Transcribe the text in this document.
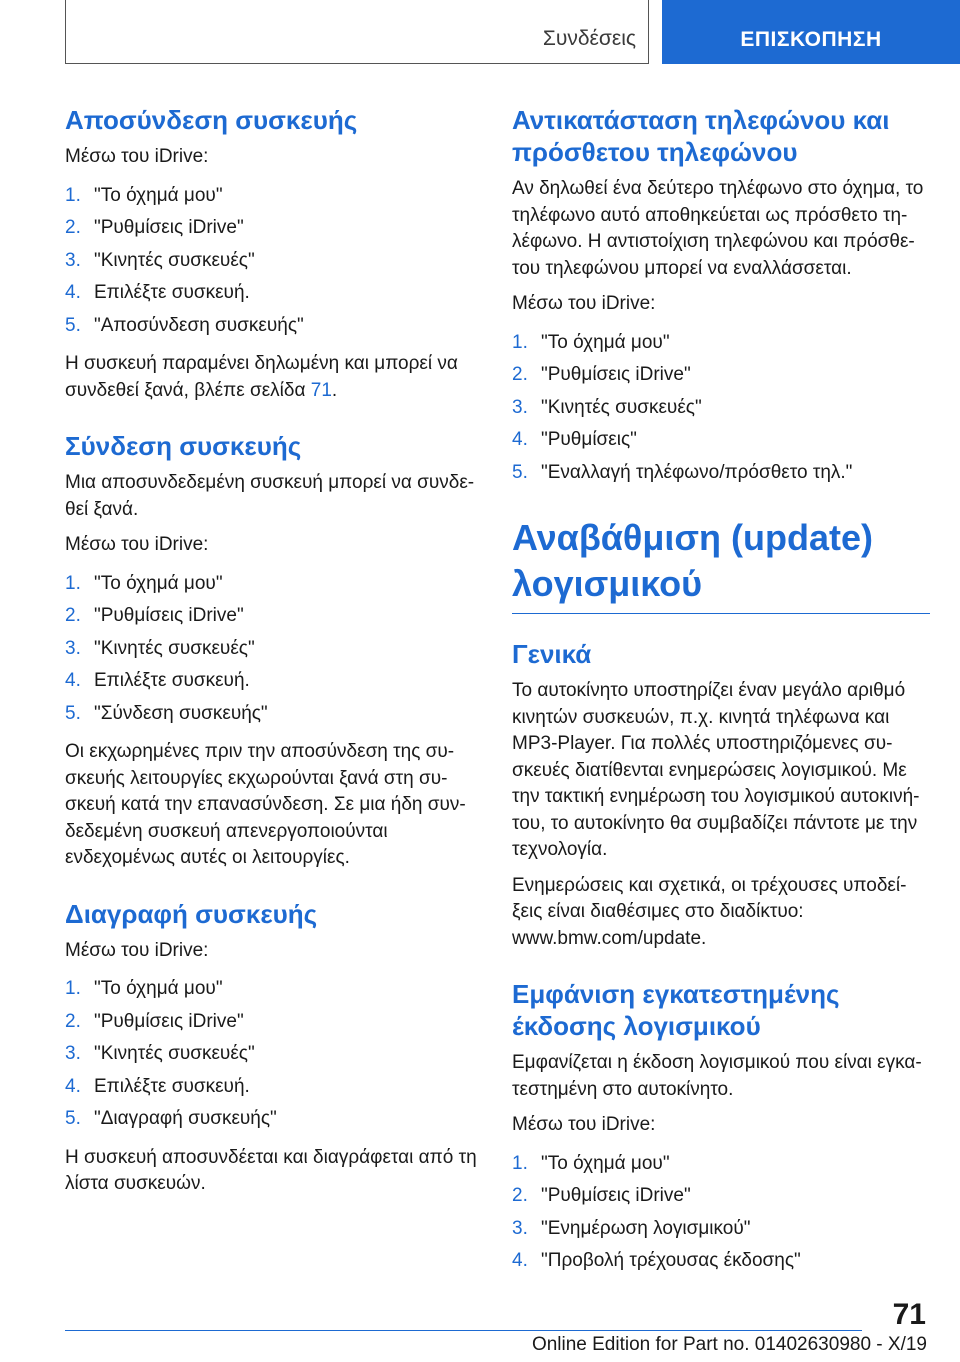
Συνδέσεις	ΕΠΙΣΚΟΠΗΣΗ
Αποσύνδεση συσκευής

Μέσω του iDrive:

1. "Το όχημά μου"
2. "Ρυθμίσεις iDrive"
3. "Κινητές συσκευές"
4. Επιλέξτε συσκευή.
5. "Αποσύνδεση συσκευής"

Η συσκευή παραμένει δηλωμένη και μπορεί να συνδεθεί ξανά, βλέπε σελίδα 71.

Σύνδεση συσκευής

Μια αποσυνδεδεμένη συσκευή μπορεί να συνδεθεί ξανά.

Μέσω του iDrive:

1. "Το όχημά μου"
2. "Ρυθμίσεις iDrive"
3. "Κινητές συσκευές"
4. Επιλέξτε συσκευή.
5. "Σύνδεση συσκευής"

Οι εκχωρημένες πριν την αποσύνδεση της συσκευής λειτουργίες εκχωρούνται ξανά στη συσκευή κατά την επανασύνδεση. Σε μια ήδη συνδεδεμένη συσκευή απενεργοποιούνται ενδεχομένως αυτές οι λειτουργίες.

Διαγραφή συσκευής

Μέσω του iDrive:

1. "Το όχημά μου"
2. "Ρυθμίσεις iDrive"
3. "Κινητές συσκευές"
4. Επιλέξτε συσκευή.
5. "Διαγραφή συσκευής"

Η συσκευή αποσυνδέεται και διαγράφεται από τη λίστα συσκευών.

Αντικατάσταση τηλεφώνου και πρόσθετου τηλεφώνου

Αν δηλωθεί ένα δεύτερο τηλέφωνο στο όχημα, το τηλέφωνο αυτό αποθηκεύεται ως πρόσθετο τηλέφωνο. Η αντιστοίχιση τηλεφώνου και πρόσθετου τηλεφώνου μπορεί να εναλλάσσεται.

Μέσω του iDrive:

1. "Το όχημά μου"
2. "Ρυθμίσεις iDrive"
3. "Κινητές συσκευές"
4. "Ρυθμίσεις"
5. "Εναλλαγή τηλέφωνο/πρόσθετο τηλ."
Αναβάθμιση (update) λογισμικού
Γενικά

Το αυτοκίνητο υποστηρίζει έναν μεγάλο αριθμό κινητών συσκευών, π.χ. κινητά τηλέφωνα και MP3-Player. Για πολλές υποστηριζόμενες συσκευές διατίθενται ενημερώσεις λογισμικού. Με την τακτική ενημέρωση του λογισμικού αυτοκινήτου, το αυτοκίνητο θα συμβαδίζει πάντοτε με την τεχνολογία.

Ενημερώσεις και σχετικά, οι τρέχουσες υποδείξεις είναι διαθέσιμες στο διαδίκτυο: www.bmw.com/update.

Εμφάνιση εγκατεστημένης έκδοσης λογισμικού

Εμφανίζεται η έκδοση λογισμικού που είναι εγκατεστημένη στο αυτοκίνητο.

Μέσω του iDrive:

1. "Το όχημά μου"
2. "Ρυθμίσεις iDrive"
3. "Ενημέρωση λογισμικού"
4. "Προβολή τρέχουσας έκδοσης"
71
Online Edition for Part no. 01402630980 - X/19
